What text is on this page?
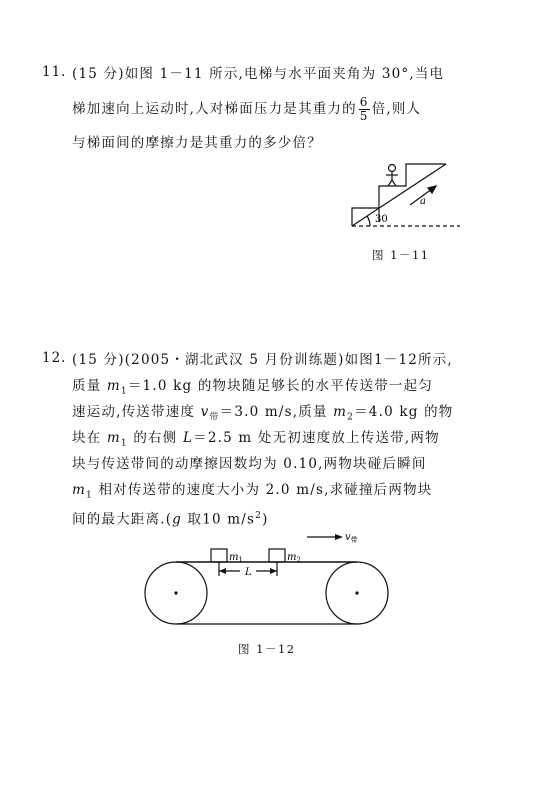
11. (15 分)如图 1－11 所示,电梯与水平面夹角为 30°,当电
梯加速向上运动时,人对梯面压力是其重力的 $\frac{6}{5}$ 倍,则人
与梯面间的摩擦力是其重力的多少倍？
a
30
图 1－11
12. (15 分)(2005・湖北武汉 5 月份训练题)如图1－12所示,
质量 $m_1=1.0$ kg 的物块随足够长的水平传送带一起匀
速运动,传送带速度 $v_带=3.0$ m/s,质量 $m_2=4.0$ kg 的物
块在 $m_1$ 的右侧 L＝2.5 m 处无初速度放上传送带,两物
块与传送带间的动摩擦因数均为 0.10,两物块碰后瞬间
$m_1$ 相对传送带的速度大小为 2.0 m/s,求碰撞后两物块
间的最大距离.(g 取10 $m/s^2$)
$v_带$
$m_1$	$m_2$
L
图 1－12
